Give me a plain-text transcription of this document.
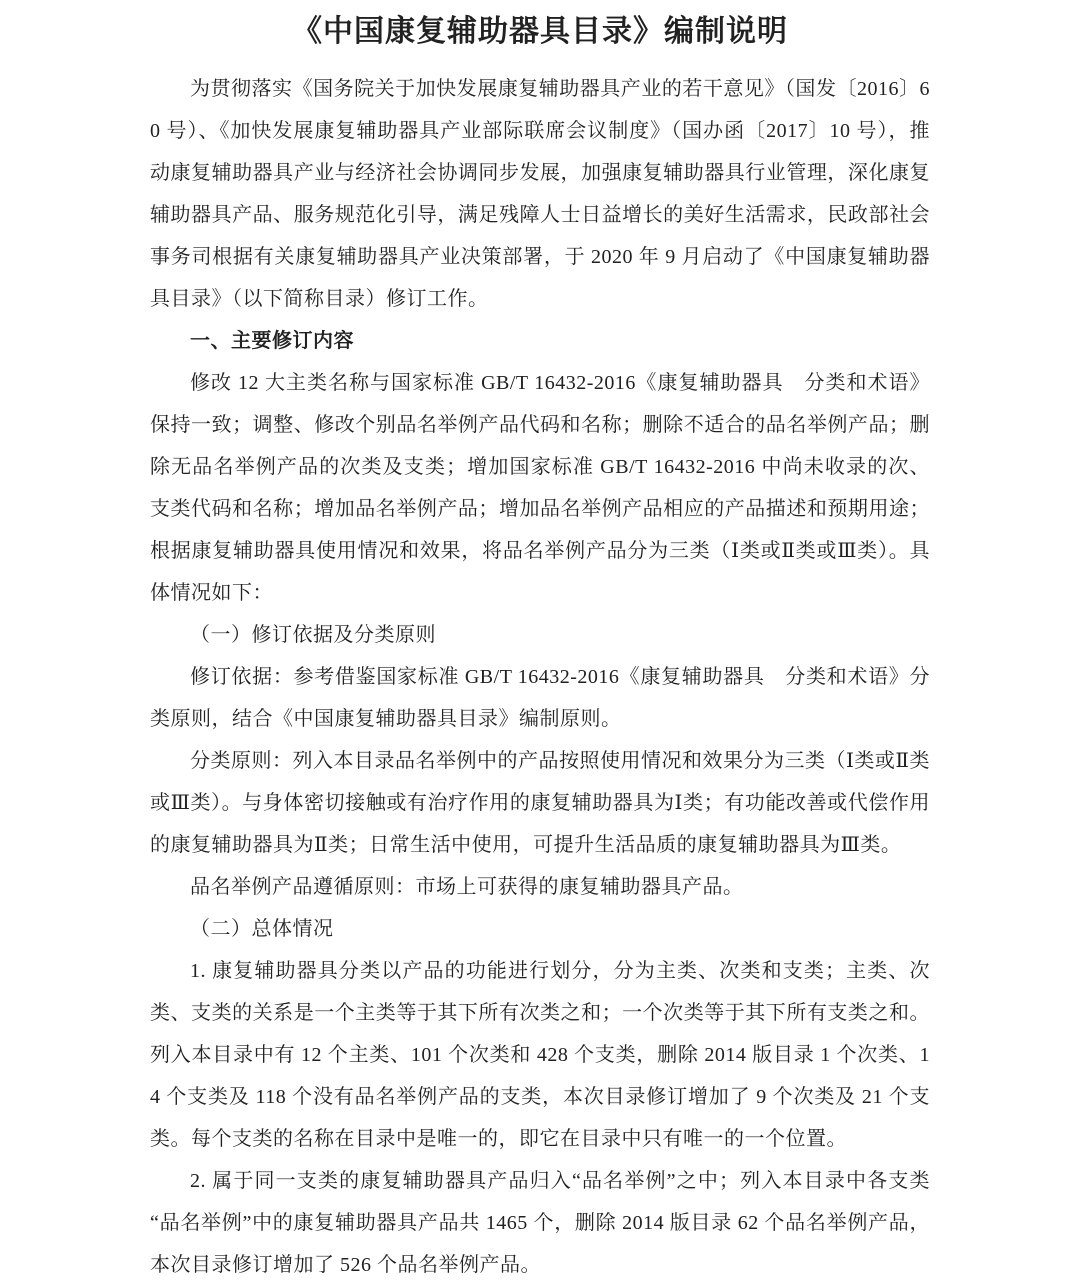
《中国康复辅助器具目录》编制说明

为贯彻落实《国务院关于加快发展康复辅助器具产业的若干意见》（国发〔2016〕60 号）、《加快发展康复辅助器具产业部际联席会议制度》（国办函〔2017〕10 号），推动康复辅助器具产业与经济社会协调同步发展，加强康复辅助器具行业管理，深化康复辅助器具产品、服务规范化引导，满足残障人士日益增长的美好生活需求，民政部社会事务司根据有关康复辅助器具产业决策部署，于 2020 年 9 月启动了《中国康复辅助器具目录》（以下简称目录）修订工作。

一、主要修订内容

修改 12 大主类名称与国家标准 GB/T 16432-2016《康复辅助器具　分类和术语》保持一致；调整、修改个别品名举例产品代码和名称；删除不适合的品名举例产品；删除无品名举例产品的次类及支类；增加国家标准 GB/T 16432-2016 中尚未收录的次、支类代码和名称；增加品名举例产品；增加品名举例产品相应的产品描述和预期用途；根据康复辅助器具使用情况和效果，将品名举例产品分为三类（Ⅰ类或Ⅱ类或Ⅲ类）。具体情况如下：

（一）修订依据及分类原则

修订依据：参考借鉴国家标准 GB/T 16432-2016《康复辅助器具　分类和术语》分类原则，结合《中国康复辅助器具目录》编制原则。

分类原则：列入本目录品名举例中的产品按照使用情况和效果分为三类（Ⅰ类或Ⅱ类或Ⅲ类）。与身体密切接触或有治疗作用的康复辅助器具为Ⅰ类；有功能改善或代偿作用的康复辅助器具为Ⅱ类；日常生活中使用，可提升生活品质的康复辅助器具为Ⅲ类。

品名举例产品遵循原则：市场上可获得的康复辅助器具产品。

（二）总体情况

1. 康复辅助器具分类以产品的功能进行划分，分为主类、次类和支类；主类、次类、支类的关系是一个主类等于其下所有次类之和；一个次类等于其下所有支类之和。列入本目录中有 12 个主类、101 个次类和 428 个支类，删除 2014 版目录 1 个次类、14 个支类及 118 个没有品名举例产品的支类，本次目录修订增加了 9 个次类及 21 个支类。每个支类的名称在目录中是唯一的，即它在目录中只有唯一的一个位置。

2. 属于同一支类的康复辅助器具产品归入“品名举例”之中；列入本目录中各支类“品名举例”中的康复辅助器具产品共 1465 个，删除 2014 版目录 62 个品名举例产品，本次目录修订增加了 526 个品名举例产品。
